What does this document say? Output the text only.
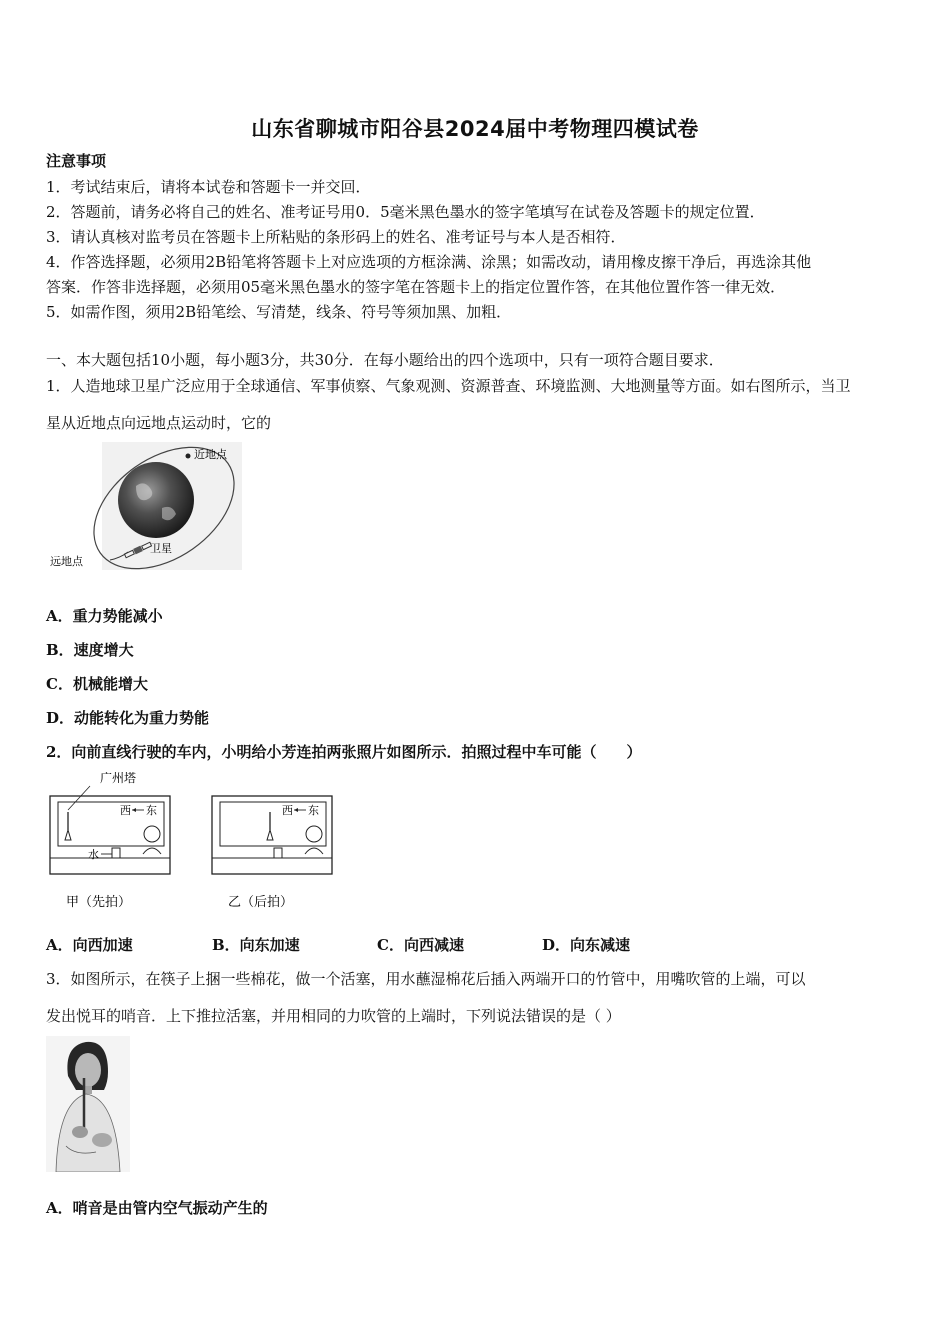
山东省聊城市阳谷县2024届中考物理四模试卷
注意事项
1．考试结束后，请将本试卷和答题卡一并交回．
2．答题前，请务必将自己的姓名、准考证号用0．5毫米黑色墨水的签字笔填写在试卷及答题卡的规定位置．
3．请认真核对监考员在答题卡上所粘贴的条形码上的姓名、准考证号与本人是否相符．
4．作答选择题，必须用2B铅笔将答题卡上对应选项的方框涂满、涂黑；如需改动，请用橡皮擦干净后，再选涂其他
答案．作答非选择题，必须用05毫米黑色墨水的签字笔在答题卡上的指定位置作答，在其他位置作答一律无效．
5．如需作图，须用2B铅笔绘、写清楚，线条、符号等须加黑、加粗．
一、本大题包括10小题，每小题3分，共30分．在每小题给出的四个选项中，只有一项符合题目要求．
1．人造地球卫星广泛应用于全球通信、军事侦察、气象观测、资源普查、环境监测、大地测量等方面。如右图所示，当卫
星从近地点向远地点运动时，它的
近地点
远地点
卫星
A．重力势能减小
B．速度增大
C．机械能增大
D．动能转化为重力势能
2．向前直线行驶的车内，小明给小芳连拍两张照片如图所示．拍照过程中车可能（　　）
广州塔
西 东
水
甲（先拍）
西 东
乙（后拍）
A．向西加速	B．向东加速	C．向西减速	D．向东减速
3．如图所示，在筷子上捆一些棉花，做一个活塞，用水蘸湿棉花后插入两端开口的竹管中，用嘴吹管的上端，可以
发出悦耳的哨音．上下推拉活塞，并用相同的力吹管的上端时，下列说法错误的是（ ）
A．哨音是由管内空气振动产生的
